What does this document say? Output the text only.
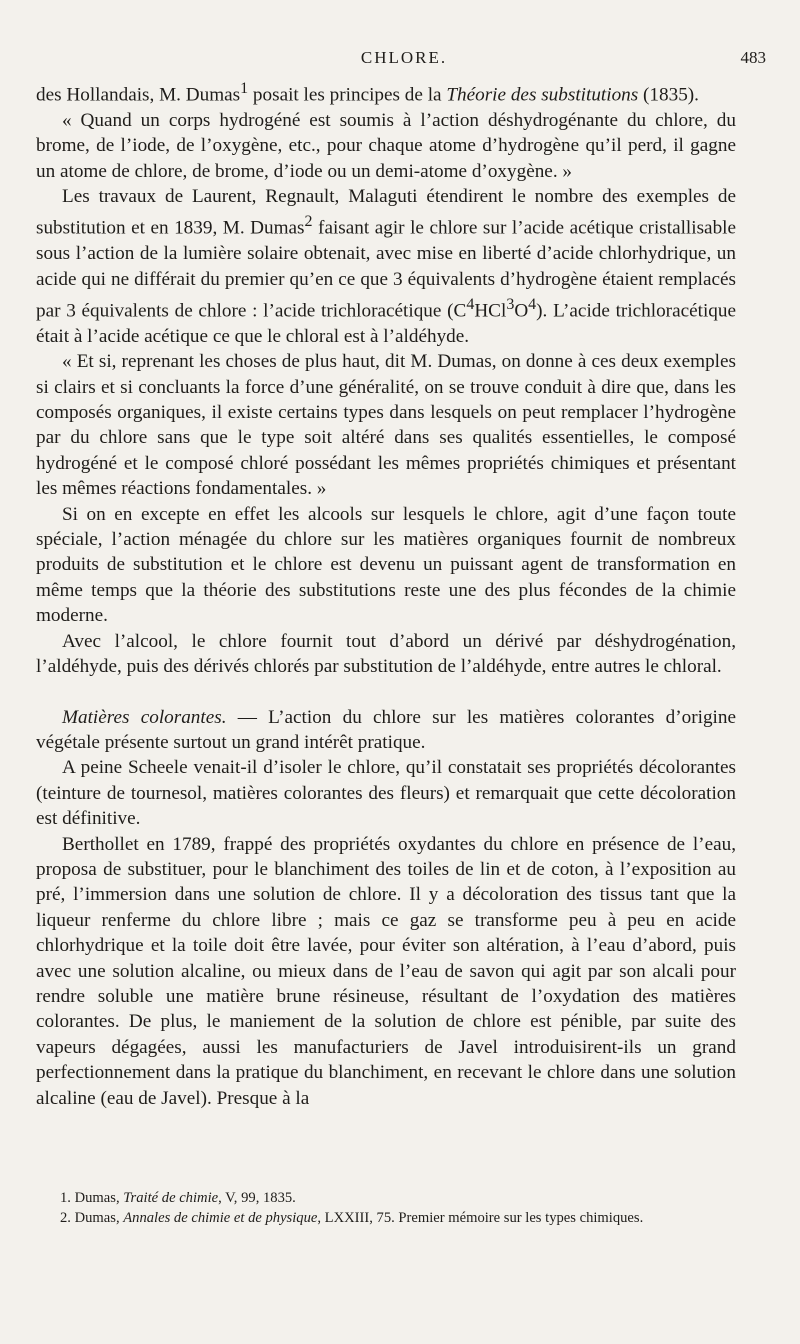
CHLORE.	483

des Hollandais, M. Dumas$^1$ posait les principes de la Théorie des substitutions (1835).

« Quand un corps hydrogéné est soumis à l’action déshydrogénante du chlore, du brome, de l’iode, de l’oxygène, etc., pour chaque atome d’hydrogène qu’il perd, il gagne un atome de chlore, de brome, d’iode ou un demi-atome d’oxygène. »

Les travaux de Laurent, Regnault, Malaguti étendirent le nombre des exemples de substitution et en 1839, M. Dumas$^2$ faisant agir le chlore sur l’acide acétique cristallisable sous l’action de la lumière solaire obtenait, avec mise en liberté d’acide chlorhydrique, un acide qui ne différait du premier qu’en ce que 3 équivalents d’hydrogène étaient remplacés par 3 équivalents de chlore : l’acide trichloracétique $(C^4HCl^3O^4)$. L’acide trichloracétique était à l’acide acétique ce que le chloral est à l’aldéhyde.

« Et si, reprenant les choses de plus haut, dit M. Dumas, on donne à ces deux exemples si clairs et si concluants la force d’une généralité, on se trouve conduit à dire que, dans les composés organiques, il existe certains types dans lesquels on peut remplacer l’hydrogène par du chlore sans que le type soit altéré dans ses qualités essentielles, le composé hydrogéné et le composé chloré possédant les mêmes propriétés chimiques et présentant les mêmes réactions fondamentales. »

Si on en excepte en effet les alcools sur lesquels le chlore, agit d’une façon toute spéciale, l’action ménagée du chlore sur les matières organiques fournit de nombreux produits de substitution et le chlore est devenu un puissant agent de transformation en même temps que la théorie des substitutions reste une des plus fécondes de la chimie moderne.

Avec l’alcool, le chlore fournit tout d’abord un dérivé par déshydrogénation, l’aldéhyde, puis des dérivés chlorés par substitution de l’aldéhyde, entre autres le chloral.

Matières colorantes. — L’action du chlore sur les matières colorantes d’origine végétale présente surtout un grand intérêt pratique.

A peine Scheele venait-il d’isoler le chlore, qu’il constatait ses propriétés décolorantes (teinture de tournesol, matières colorantes des fleurs) et remarquait que cette décoloration est définitive.

Berthollet en 1789, frappé des propriétés oxydantes du chlore en présence de l’eau, proposa de substituer, pour le blanchiment des toiles de lin et de coton, à l’exposition au pré, l’immersion dans une solution de chlore. Il y a décoloration des tissus tant que la liqueur renferme du chlore libre ; mais ce gaz se transforme peu à peu en acide chlorhydrique et la toile doit être lavée, pour éviter son altération, à l’eau d’abord, puis avec une solution alcaline, ou mieux dans de l’eau de savon qui agit par son alcali pour rendre soluble une matière brune résineuse, résultant de l’oxydation des matières colorantes. De plus, le maniement de la solution de chlore est pénible, par suite des vapeurs dégagées, aussi les manufacturiers de Javel introduisirent-ils un grand perfectionnement dans la pratique du blanchiment, en recevant le chlore dans une solution alcaline (eau de Javel). Presque à la

1. Dumas, Traité de chimie, V, 99, 1835.

2. Dumas, Annales de chimie et de physique, LXXIII, 75. Premier mémoire sur les types chimiques.
